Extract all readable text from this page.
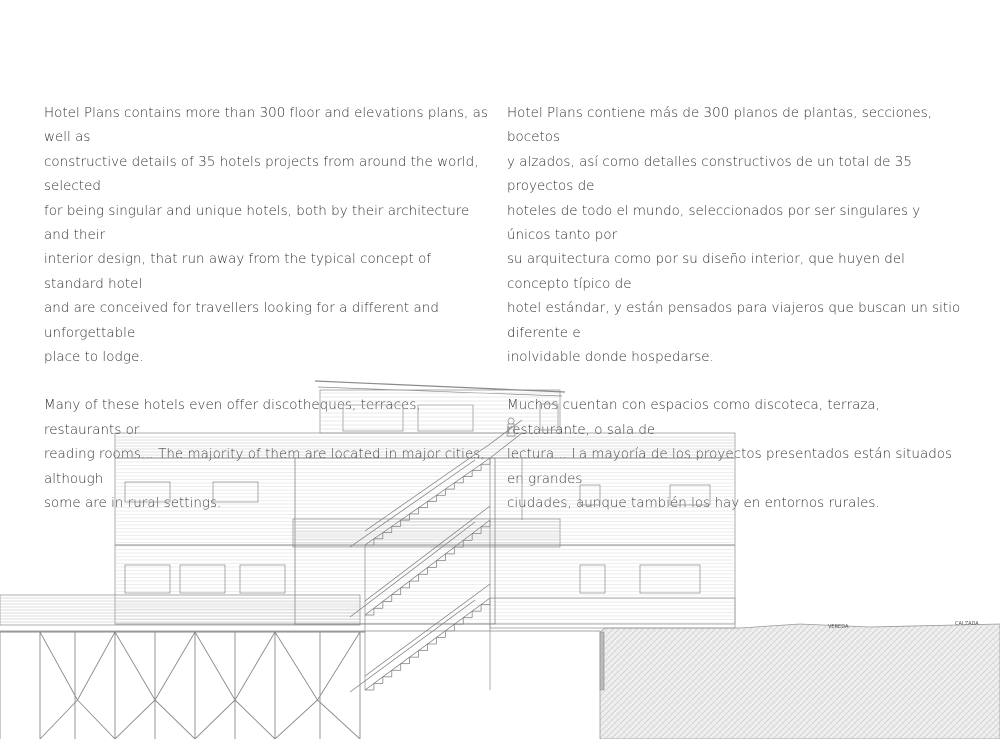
Hotel Plans contains more than 300 floor and elevations plans, as well as
constructive details of 35 hotels projects from around the world, selected
for being singular and unique hotels, both by their architecture and their
interior design, that run away from the typical concept of standard hotel
and are conceived for travellers looking for a different and unforgettable
place to lodge.

Many of these hotels even offer discotheques, terraces, restaurants or
reading rooms... The majority of them are located in major cities, although
some are in rural settings.

Hotel Plans contiene más de 300 planos de plantas, secciones, bocetos
y alzados, así como detalles constructivos de un total de 35 proyectos de
hoteles de todo el mundo, seleccionados por ser singulares y únicos tanto por
su arquitectura como por su diseño interior, que huyen del concepto típico de
hotel estándar, y están pensados para viajeros que buscan un sitio diferente e
inolvidable donde hospedarse.

Muchos cuentan con espacios como discoteca, terraza, restaurante, o sala de
lectura... La mayoría de los proyectos presentados están situados en grandes
ciudades, aunque también los hay en entornos rurales.

VEREDA	CALZADA
